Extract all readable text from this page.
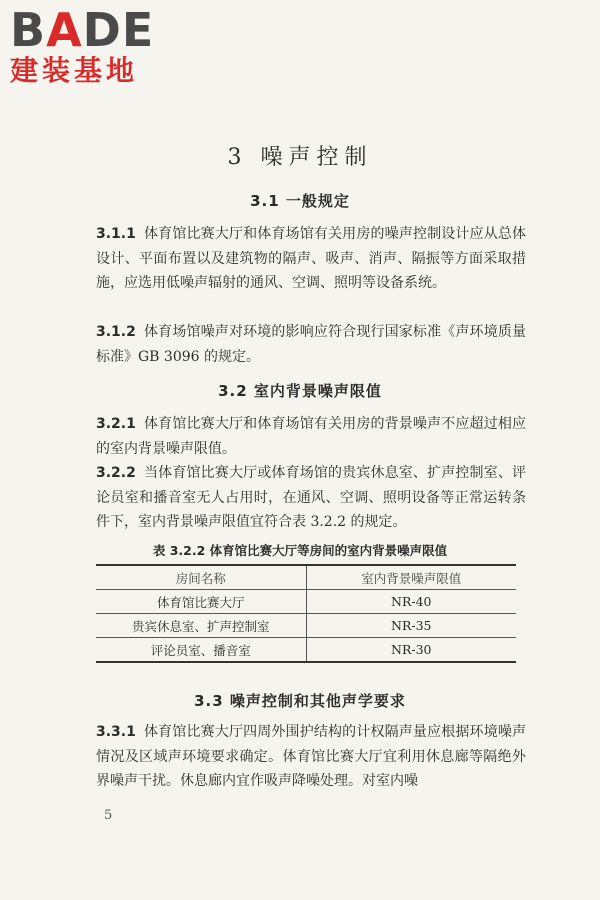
BADE
建装基地
3 噪声控制
3.1 一般规定
3.1.1 体育馆比赛大厅和体育场馆有关用房的噪声控制设计应从总体设计、平面布置以及建筑物的隔声、吸声、消声、隔振等方面采取措施，应选用低噪声辐射的通风、空调、照明等设备系统。
3.1.2 体育场馆噪声对环境的影响应符合现行国家标准《声环境质量标准》GB 3096 的规定。
3.2 室内背景噪声限值
3.2.1 体育馆比赛大厅和体育场馆有关用房的背景噪声不应超过相应的室内背景噪声限值。
3.2.2 当体育馆比赛大厅或体育场馆的贵宾休息室、扩声控制室、评论员室和播音室无人占用时，在通风、空调、照明设备等正常运转条件下，室内背景噪声限值宜符合表 3.2.2 的规定。
表 3.2.2 体育馆比赛大厅等房间的室内背景噪声限值
房间名称	室内背景噪声限值
体育馆比赛大厅	NR-40
贵宾休息室、扩声控制室	NR-35
评论员室、播音室	NR-30
3.3 噪声控制和其他声学要求
3.3.1 体育馆比赛大厅四周外围护结构的计权隔声量应根据环境噪声情况及区域声环境要求确定。体育馆比赛大厅宜利用休息廊等隔绝外界噪声干扰。休息廊内宜作吸声降噪处理。对室内噪
5
